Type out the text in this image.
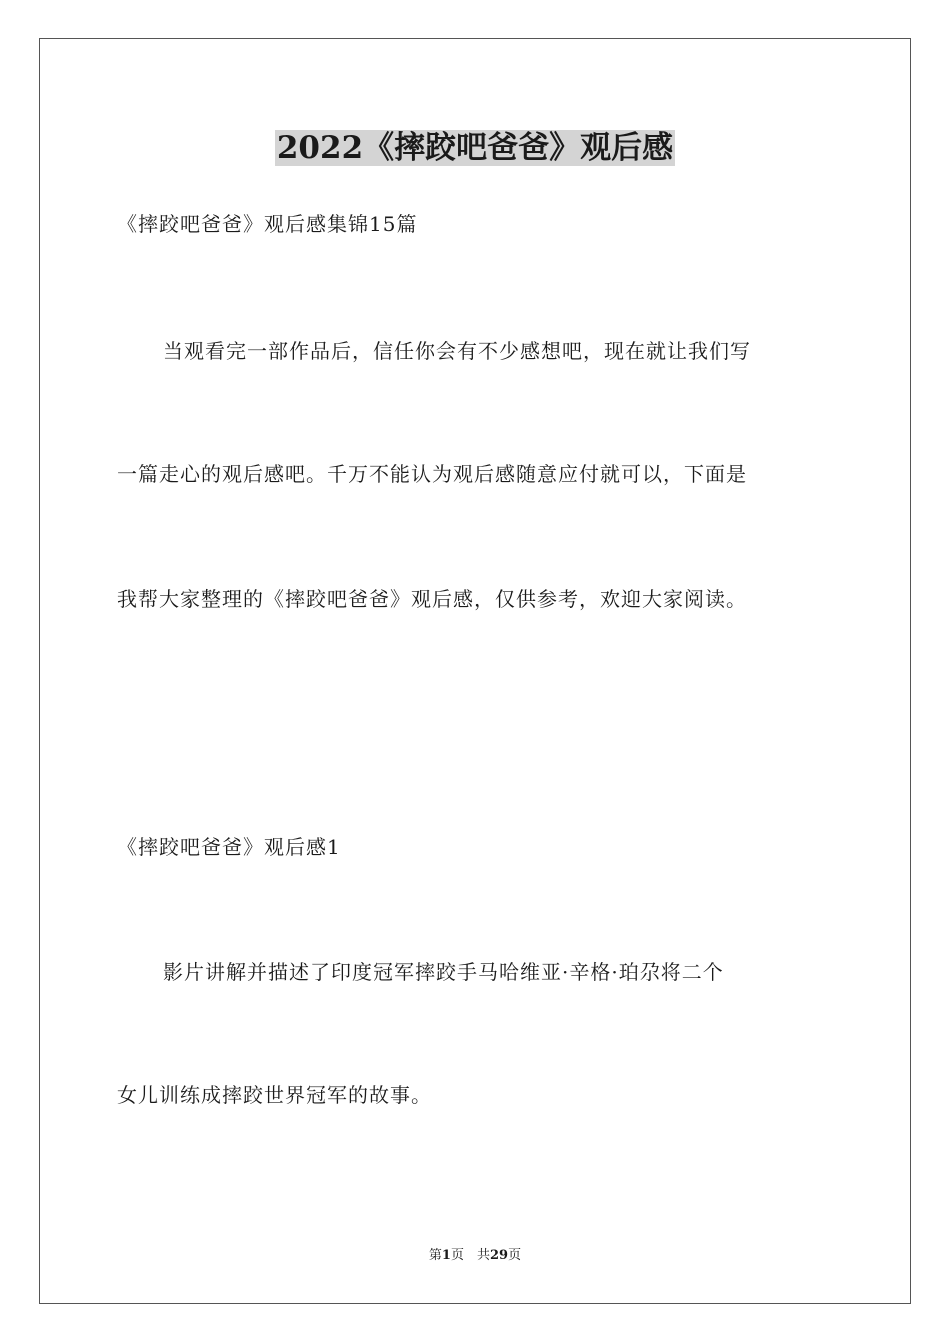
2022《摔跤吧爸爸》观后感
《摔跤吧爸爸》观后感集锦15篇
当观看完一部作品后，信任你会有不少感想吧，现在就让我们写
一篇走心的观后感吧。千万不能认为观后感随意应付就可以，下面是
我帮大家整理的《摔跤吧爸爸》观后感，仅供参考，欢迎大家阅读。
《摔跤吧爸爸》观后感1
影片讲解并描述了印度冠军摔跤手马哈维亚·辛格·珀尕将二个
女儿训练成摔跤世界冠军的故事。
第1页　共29页
